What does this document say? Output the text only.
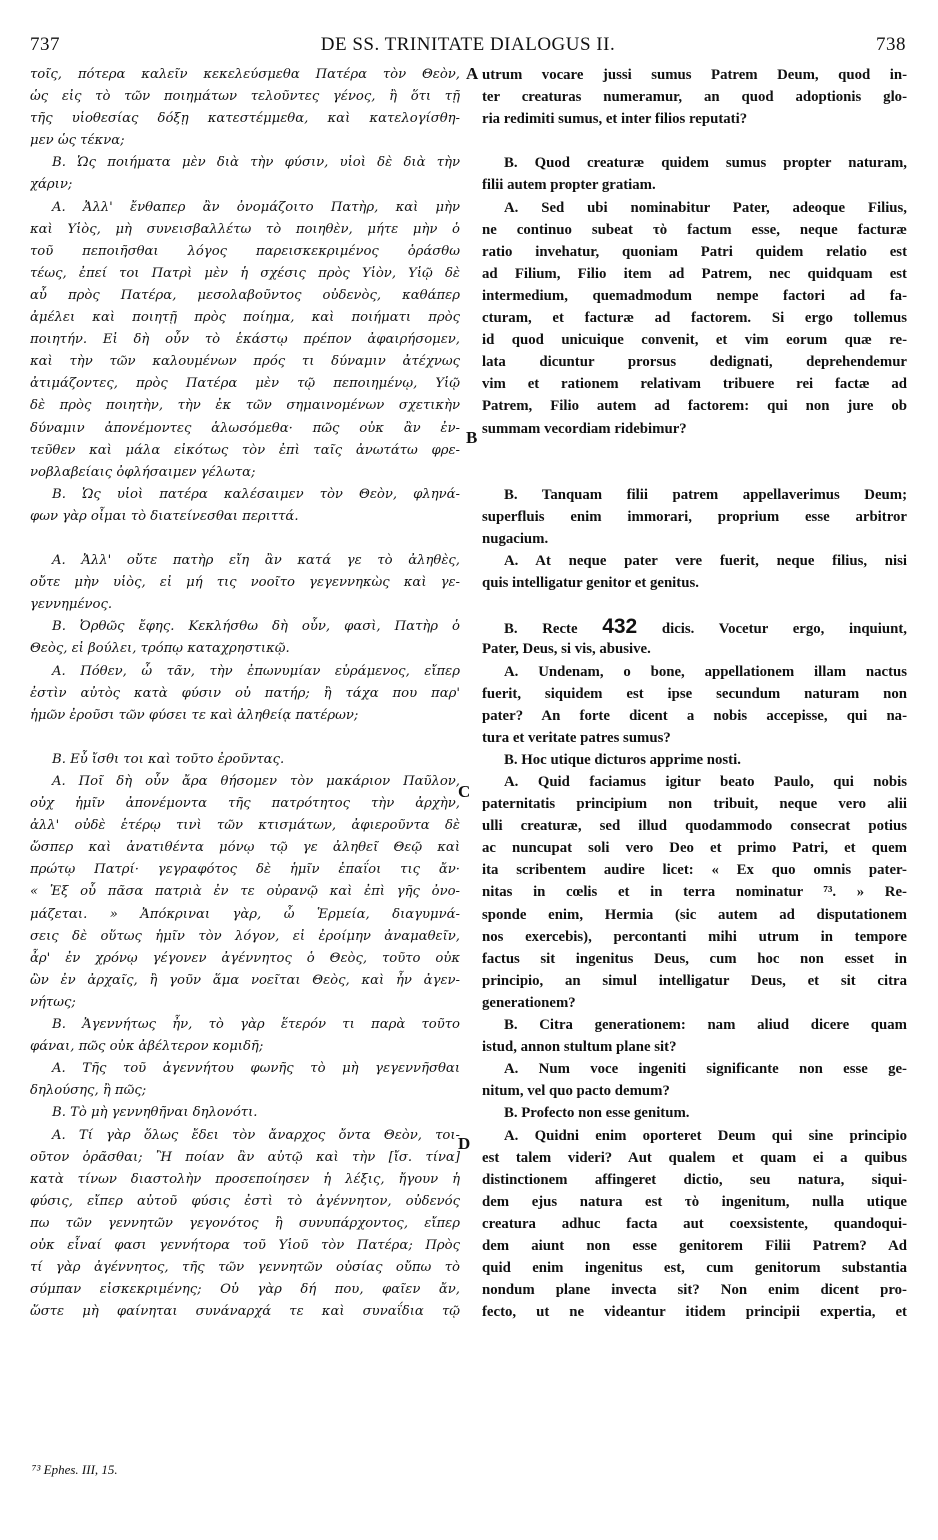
737	DE SS. TRINITATE DIALOGUS II.	738
τοῖς, πότερα καλεῖν κεκελεύσμεθα Πατέρα τὸν Θεὸν,
ὡς εἰς τὸ τῶν ποιημάτων τελοῦντες γένος, ἢ ὅτι τῇ
τῆς υἱοθεσίας δόξῃ κατεστέμμεθα, καὶ κατελογίσθη-
μεν ὡς τέκνα;
B. Ὡς ποιήματα μὲν διὰ τὴν φύσιν, υἱοὶ δὲ διὰ τὴν
χάριν;
A. Ἀλλ' ἔνθαπερ ἂν ὀνομάζοιτο Πατὴρ, καὶ μὴν
καὶ Υἱὸς, μὴ συνεισβαλλέτω τὸ ποιηθὲν, μήτε μὴν ὁ
τοῦ πεποιῆσθαι λόγος παρεισκεκριμένος ὁράσθω
τέως, ἐπεί τοι Πατρὶ μὲν ἡ σχέσις πρὸς Υἱὸν, Υἱῷ δὲ
αὖ πρὸς Πατέρα, μεσολαβοῦντος οὐδενὸς, καθάπερ
ἀμέλει καὶ ποιητῇ πρὸς ποίημα, καὶ ποιήματι πρὸς
ποιητήν. Εἰ δὴ οὖν τὸ ἑκάστῳ πρέπον ἀφαιρήσομεν,
καὶ τὴν τῶν καλουμένων πρός τι δύναμιν ἀτέχνως
ἀτιμάζοντες, πρὸς Πατέρα μὲν τῷ πεποιημένῳ, Υἱῷ
δὲ πρὸς ποιητὴν, τὴν ἐκ τῶν σημαινομένων σχετικὴν
δύναμιν ἀπονέμοντες ἁλωσόμεθα· πῶς οὐκ ἂν ἐν-
τεῦθεν καὶ μάλα εἰκότως τὸν ἐπὶ ταῖς ἀνωτάτω φρε-
νοβλαβείαις ὀφλήσαιμεν γέλωτα;
B. Ὡς υἱοὶ πατέρα καλέσαιμεν τὸν Θεὸν, φληνά-
φων γὰρ οἶμαι τὸ διατείνεσθαι περιττά.
A. Ἀλλ' οὔτε πατὴρ εἴη ἂν κατά γε τὸ ἀληθὲς,
οὔτε μὴν υἱὸς, εἰ μή τις νοοῖτο γεγεννηκὼς καὶ γε-
γεννημένος.
B. Ὀρθῶς ἔφης. Κεκλήσθω δὴ οὖν, φασὶ, Πατὴρ ὁ
Θεὸς, εἰ βούλει, τρόπῳ καταχρηστικῷ.
A. Πόθεν, ὦ τᾶν, τὴν ἐπωνυμίαν εὑράμενος, εἴπερ
ἐστὶν αὐτὸς κατὰ φύσιν οὐ πατήρ; ἢ τάχα που παρ'
ἡμῶν ἐροῦσι τῶν φύσει τε καὶ ἀληθείᾳ πατέρων;
B. Εὖ ἴσθι τοι καὶ τοῦτο ἐροῦντας.
A. Ποῖ δὴ οὖν ἄρα θήσομεν τὸν μακάριον Παῦλον,
οὐχ ἡμῖν ἀπονέμοντα τῆς πατρότητος τὴν ἀρχὴν,
ἀλλ' οὐδὲ ἑτέρῳ τινὶ τῶν κτισμάτων, ἀφιεροῦντα δὲ
ὥσπερ καὶ ἀνατιθέντα μόνῳ τῷ γε ἀληθεῖ Θεῷ καὶ
πρώτῳ Πατρί· γεγραφότος δὲ ἡμῖν ἐπαΐοι τις ἄν·
« Ἐξ οὗ πᾶσα πατριὰ ἐν τε οὐρανῷ καὶ ἐπὶ γῆς ὀνο-
μάζεται. » Ἀπόκριναι γὰρ, ὦ Ἑρμεία, διαγυμνά-
σεις δὲ οὕτως ἡμῖν τὸν λόγον, εἰ ἐροίμην ἀναμαθεῖν,
ἆρ' ἐν χρόνῳ γέγονεν ἀγέννητος ὁ Θεὸς, τοῦτο οὐκ
ὢν ἐν ἀρχαῖς, ἢ γοῦν ἅμα νοεῖται Θεὸς, καὶ ἦν ἀγεν-
νήτως;
B. Ἀγεννήτως ἦν, τὸ γὰρ ἕτερόν τι παρὰ τοῦτο
φάναι, πῶς οὐκ ἀβέλτερον κομιδῆ;
A. Τῆς τοῦ ἀγεννήτου φωνῆς τὸ μὴ γεγεννῆσθαι
δηλούσης, ἢ πῶς;
B. Τὸ μὴ γεννηθῆναι δηλονότι.
A. Τί γὰρ ὅλως ἔδει τὸν ἄναρχος ὄντα Θεὸν, τοι-
οῦτον ὁρᾶσθαι; Ἢ ποίαν ἂν αὐτῷ καὶ τὴν [ἴσ. τίνα]
κατὰ τίνων διαστολὴν προσεποίησεν ἡ λέξις, ἤγουν ἡ
φύσις, εἴπερ αὐτοῦ φύσις ἐστὶ τὸ ἀγέννητον, οὐδενός
πω τῶν γεννητῶν γεγονότος ἢ συνυπάρχοντος, εἴπερ
οὐκ εἶναί φασι γεννήτορα τοῦ Υἱοῦ τὸν Πατέρα; Πρὸς
τί γὰρ ἀγέννητος, τῆς τῶν γεννητῶν οὐσίας οὔπω τὸ
σύμπαν εἰσκεκριμένης; Οὐ γὰρ δή που, φαῖεν ἄν,
ὥστε μὴ φαίνηται συνάναρχά τε καὶ συναΐδια τῷ
A
B
C
D
utrum vocare jussi sumus Patrem Deum, quod in-
ter creaturas numeramur, an quod adoptionis glo-
ria redimiti sumus, et inter filios reputati?
B. Quod creaturæ quidem sumus propter naturam,
filii autem propter gratiam.
A. Sed ubi nominabitur Pater, adeoque Filius,
ne continuo subeat τὸ factum esse, neque facturæ
ratio invehatur, quoniam Patri quidem relatio est
ad Filium, Filio item ad Patrem, nec quidquam est
intermedium, quemadmodum nempe factori ad fa-
cturam, et facturæ ad factorem. Si ergo tollemus
id quod unicuique convenit, et vim eorum quæ re-
lata dicuntur prorsus dedignati, deprehendemur
vim et rationem relativam tribuere rei factæ ad
Patrem, Filio autem ad factorem: qui non jure ob
summam vecordiam ridebimur?
B. Tanquam filii patrem appellaverimus Deum;
superfluis enim immorari, proprium esse arbitror
nugacium.
A. At neque pater vere fuerit, neque filius, nisi
quis intelligatur genitor et genitus.
B. Recte 432 dicis. Vocetur ergo, inquiunt,
Pater, Deus, si vis, abusive.
A. Undenam, o bone, appellationem illam nactus
fuerit, siquidem est ipse secundum naturam non
pater? An forte dicent a nobis accepisse, qui na-
tura et veritate patres sumus?
B. Hoc utique dicturos apprime nosti.
A. Quid faciamus igitur beato Paulo, qui nobis
paternitatis principium non tribuit, neque vero alii
ulli creaturæ, sed illud quodammodo consecrat potius
ac nuncupat soli vero Deo et primo Patri, et quem
ita scribentem audire licet: « Ex quo omnis pater-
nitas in cœlis et in terra nominatur ⁷³. » Re-
sponde enim, Hermia (sic autem ad disputationem
nos exercebis), percontanti mihi utrum in tempore
factus sit ingenitus Deus, cum hoc non esset in
principio, an simul intelligatur Deus, et sit citra
generationem?
B. Citra generationem: nam aliud dicere quam
istud, annon stultum plane sit?
A. Num voce ingeniti significante non esse ge-
nitum, vel quo pacto demum?
B. Profecto non esse genitum.
A. Quidni enim oporteret Deum qui sine principio
est talem videri? Aut qualem et quam ei a quibus
distinctionem affingeret dictio, seu natura, siqui-
dem ejus natura est τὸ ingenitum, nulla utique
creatura adhuc facta aut coexsistente, quandoqui-
dem aiunt non esse genitorem Filii Patrem? Ad
quid enim ingenitus est, cum genitorum substantia
nondum plane invecta sit? Non enim dicent pro-
fecto, ut ne videantur itidem principii expertia, et
⁷³ Ephes. III, 15.
